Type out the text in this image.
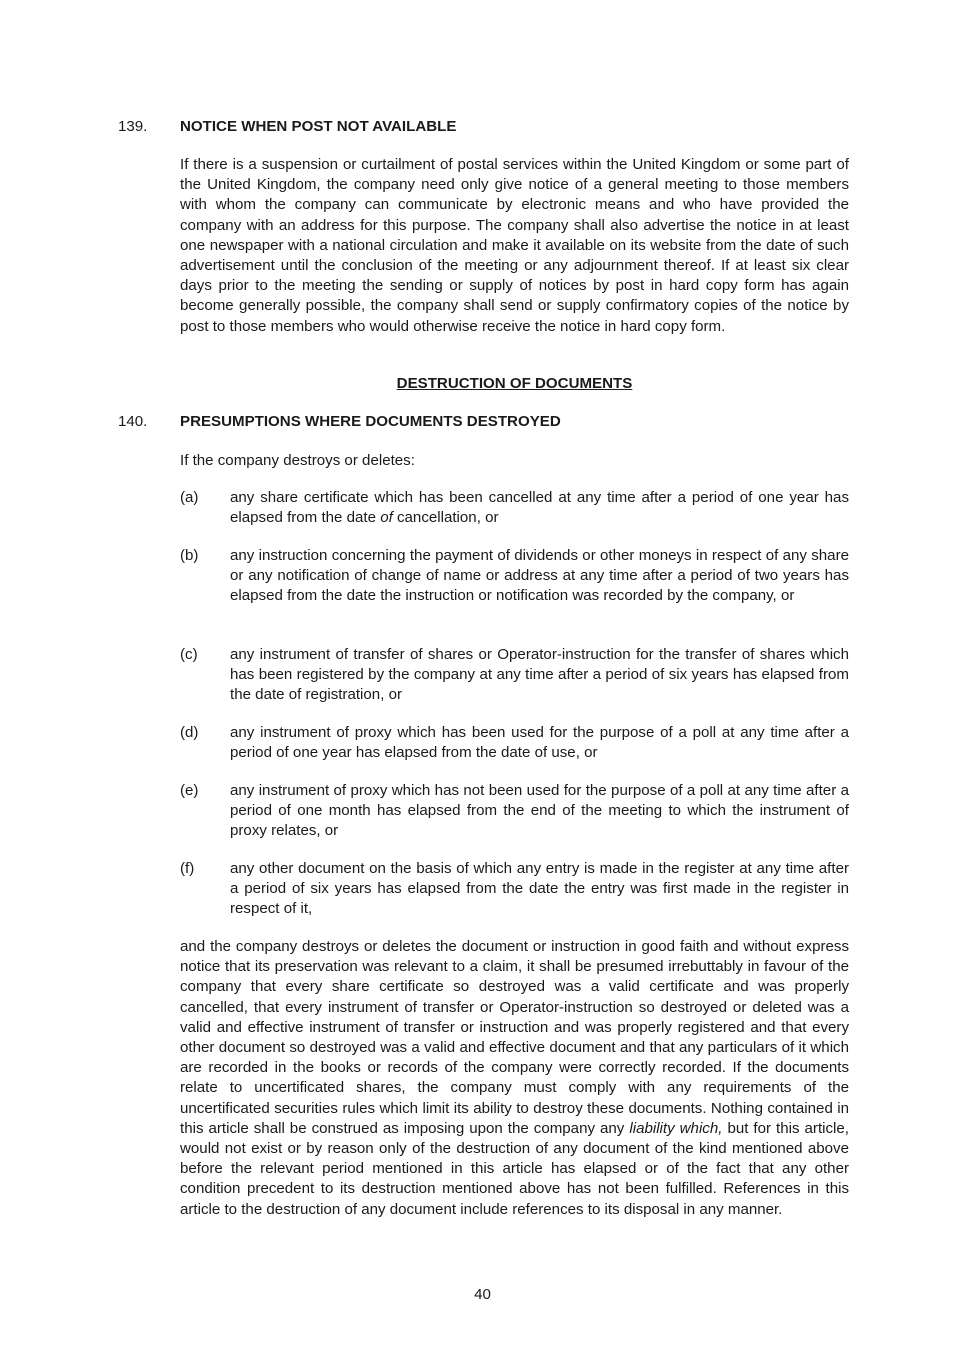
139. NOTICE WHEN POST NOT AVAILABLE

If there is a suspension or curtailment of postal services within the United Kingdom or some part of the United Kingdom, the company need only give notice of a general meeting to those members with whom the company can communicate by electronic means and who have provided the company with an address for this purpose. The company shall also advertise the notice in at least one newspaper with a national circulation and make it available on its website from the date of such advertisement until the conclusion of the meeting or any adjournment thereof. If at least six clear days prior to the meeting the sending or supply of notices by post in hard copy form has again become generally possible, the company shall send or supply confirmatory copies of the notice by post to those members who would otherwise receive the notice in hard copy form.

DESTRUCTION OF DOCUMENTS
140. PRESUMPTIONS WHERE DOCUMENTS DESTROYED
If the company destroys or deletes:
(a) any share certificate which has been cancelled at any time after a period of one year has elapsed from the date of cancellation, or

(b) any instruction concerning the payment of dividends or other moneys in respect of any share or any notification of change of name or address at any time after a period of two years has elapsed from the date the instruction or notification was recorded by the company, or

(c) any instrument of transfer of shares or Operator-instruction for the transfer of shares which has been registered by the company at any time after a period of six years has elapsed from the date of registration, or

(d) any instrument of proxy which has been used for the purpose of a poll at any time after a period of one year has elapsed from the date of use, or

(e) any instrument of proxy which has not been used for the purpose of a poll at any time after a period of one month has elapsed from the end of the meeting to which the instrument of proxy relates, or

(f) any other document on the basis of which any entry is made in the register at any time after a period of six years has elapsed from the date the entry was first made in the register in respect of it,

and the company destroys or deletes the document or instruction in good faith and without express notice that its preservation was relevant to a claim, it shall be presumed irrebuttably in favour of the company that every share certificate so destroyed was a valid certificate and was properly cancelled, that every instrument of transfer or Operator-instruction so destroyed or deleted was a valid and effective instrument of transfer or instruction and was properly registered and that every other document so destroyed was a valid and effective document and that any particulars of it which are recorded in the books or records of the company were correctly recorded. If the documents relate to uncertificated shares, the company must comply with any requirements of the uncertificated securities rules which limit its ability to destroy these documents. Nothing contained in this article shall be construed as imposing upon the company any liability which, but for this article, would not exist or by reason only of the destruction of any document of the kind mentioned above before the relevant period mentioned in this article has elapsed or of the fact that any other condition precedent to its destruction mentioned above has not been fulfilled. References in this article to the destruction of any document include references to its disposal in any manner.

40
